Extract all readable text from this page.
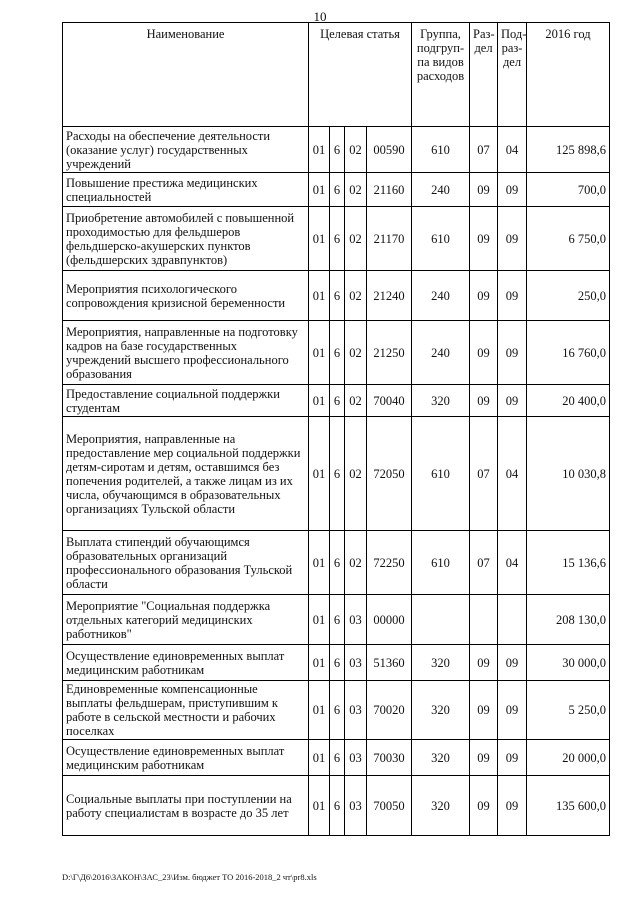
10
Наименование	Целевая статья				Группа, подгруп-па видов расходов	Раз-дел	Под-раз-дел	2016 год
Расходы на обеспечение деятельности (оказание услуг) государственных учреждений	01	6	02	00590	610	07	04	125 898,6
Повышение престижа медицинских специальностей	01	6	02	21160	240	09	09	700,0
Приобретение автомобилей с повышенной проходимостью для фельдшеров фельдшерско-акушерских пунктов (фельдшерских здравпунктов)	01	6	02	21170	610	09	09	6 750,0
Мероприятия психологического сопровождения кризисной беременности	01	6	02	21240	240	09	09	250,0
Мероприятия, направленные на подготовку кадров на базе государственных учреждений высшего профессионального образования	01	6	02	21250	240	09	09	16 760,0
Предоставление социальной поддержки студентам	01	6	02	70040	320	09	09	20 400,0
Мероприятия, направленные на предоставление мер социальной поддержки детям-сиротам и детям, оставшимся без попечения родителей, а также лицам из их числа, обучающимся в образовательных организациях Тульской области	01	6	02	72050	610	07	04	10 030,8
Выплата стипендий обучающимся образовательных организаций профессионального образования Тульской области	01	6	02	72250	610	07	04	15 136,6
Мероприятие "Социальная поддержка отдельных категорий медицинских работников"	01	6	03	00000				208 130,0
Осуществление единовременных выплат медицинским работникам	01	6	03	51360	320	09	09	30 000,0
Единовременные компенсационные выплаты фельдшерам, приступившим к работе в сельской местности и рабочих поселках	01	6	03	70020	320	09	09	5 250,0
Осуществление единовременных выплат медицинским работникам	01	6	03	70030	320	09	09	20 000,0
Социальные выплаты при поступлении на работу специалистам в возрасте до 35 лет	01	6	03	70050	320	09	09	135 600,0
D:\Г\Д6\2016\ЗАКОН\ЗАС_23\Изм. бюджет ТО 2016-2018_2 чт\pr8.xls
